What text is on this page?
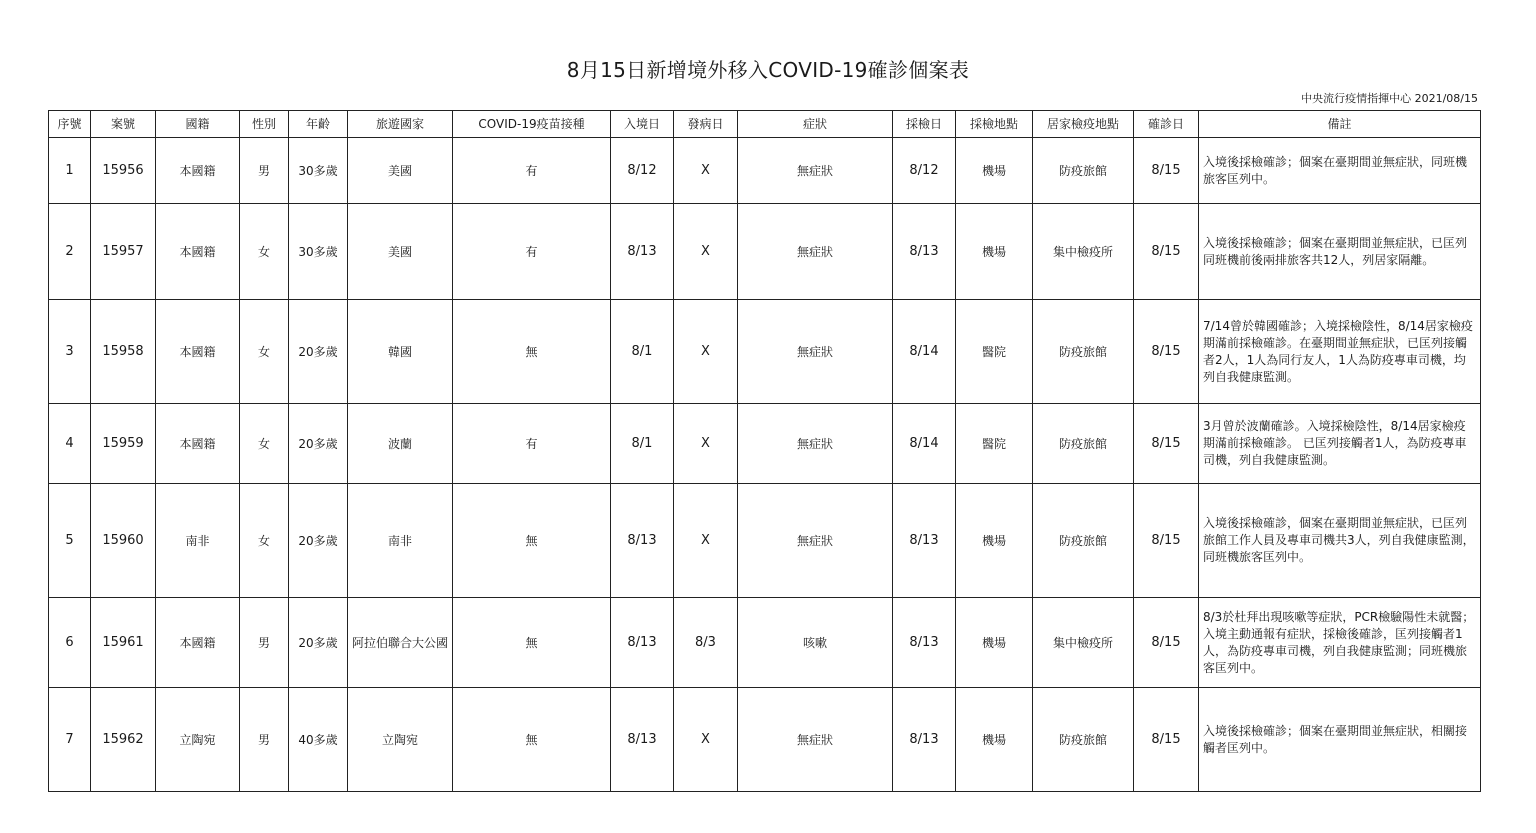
8月15日新增境外移入COVID-19確診個案表
中央流行疫情指揮中心 2021/08/15
序號	案號	國籍	性別	年齡	旅遊國家	COVID-19疫苗接種	入境日	發病日	症狀	採檢日	採檢地點	居家檢疫地點	確診日	備註
1	15956	本國籍	男	30多歲	美國	有	8/12	X	無症狀	8/12	機場	防疫旅館	8/15	入境後採檢確診；個案在臺期間並無症狀，同班機旅客匡列中。
2	15957	本國籍	女	30多歲	美國	有	8/13	X	無症狀	8/13	機場	集中檢疫所	8/15	入境後採檢確診；個案在臺期間並無症狀，已匡列同班機前後兩排旅客共12人，列居家隔離。
3	15958	本國籍	女	20多歲	韓國	無	8/1	X	無症狀	8/14	醫院	防疫旅館	8/15	7/14曾於韓國確診；入境採檢陰性，8/14居家檢疫期滿前採檢確診。在臺期間並無症狀，已匡列接觸者2人，1人為同行友人，1人為防疫專車司機，均列自我健康監測。
4	15959	本國籍	女	20多歲	波蘭	有	8/1	X	無症狀	8/14	醫院	防疫旅館	8/15	3月曾於波蘭確診。入境採檢陰性，8/14居家檢疫期滿前採檢確診。 已匡列接觸者1人，為防疫專車司機，列自我健康監測。
5	15960	南非	女	20多歲	南非	無	8/13	X	無症狀	8/13	機場	防疫旅館	8/15	入境後採檢確診，個案在臺期間並無症狀，已匡列旅館工作人員及專車司機共3人，列自我健康監測，同班機旅客匡列中。
6	15961	本國籍	男	20多歲	阿拉伯聯合大公國	無	8/13	8/3	咳嗽	8/13	機場	集中檢疫所	8/15	8/3於杜拜出現咳嗽等症狀，PCR檢驗陽性未就醫；入境主動通報有症狀，採檢後確診，匡列接觸者1人，為防疫專車司機，列自我健康監測；同班機旅客匡列中。
7	15962	立陶宛	男	40多歲	立陶宛	無	8/13	X	無症狀	8/13	機場	防疫旅館	8/15	入境後採檢確診；個案在臺期間並無症狀，相關接觸者匡列中。
